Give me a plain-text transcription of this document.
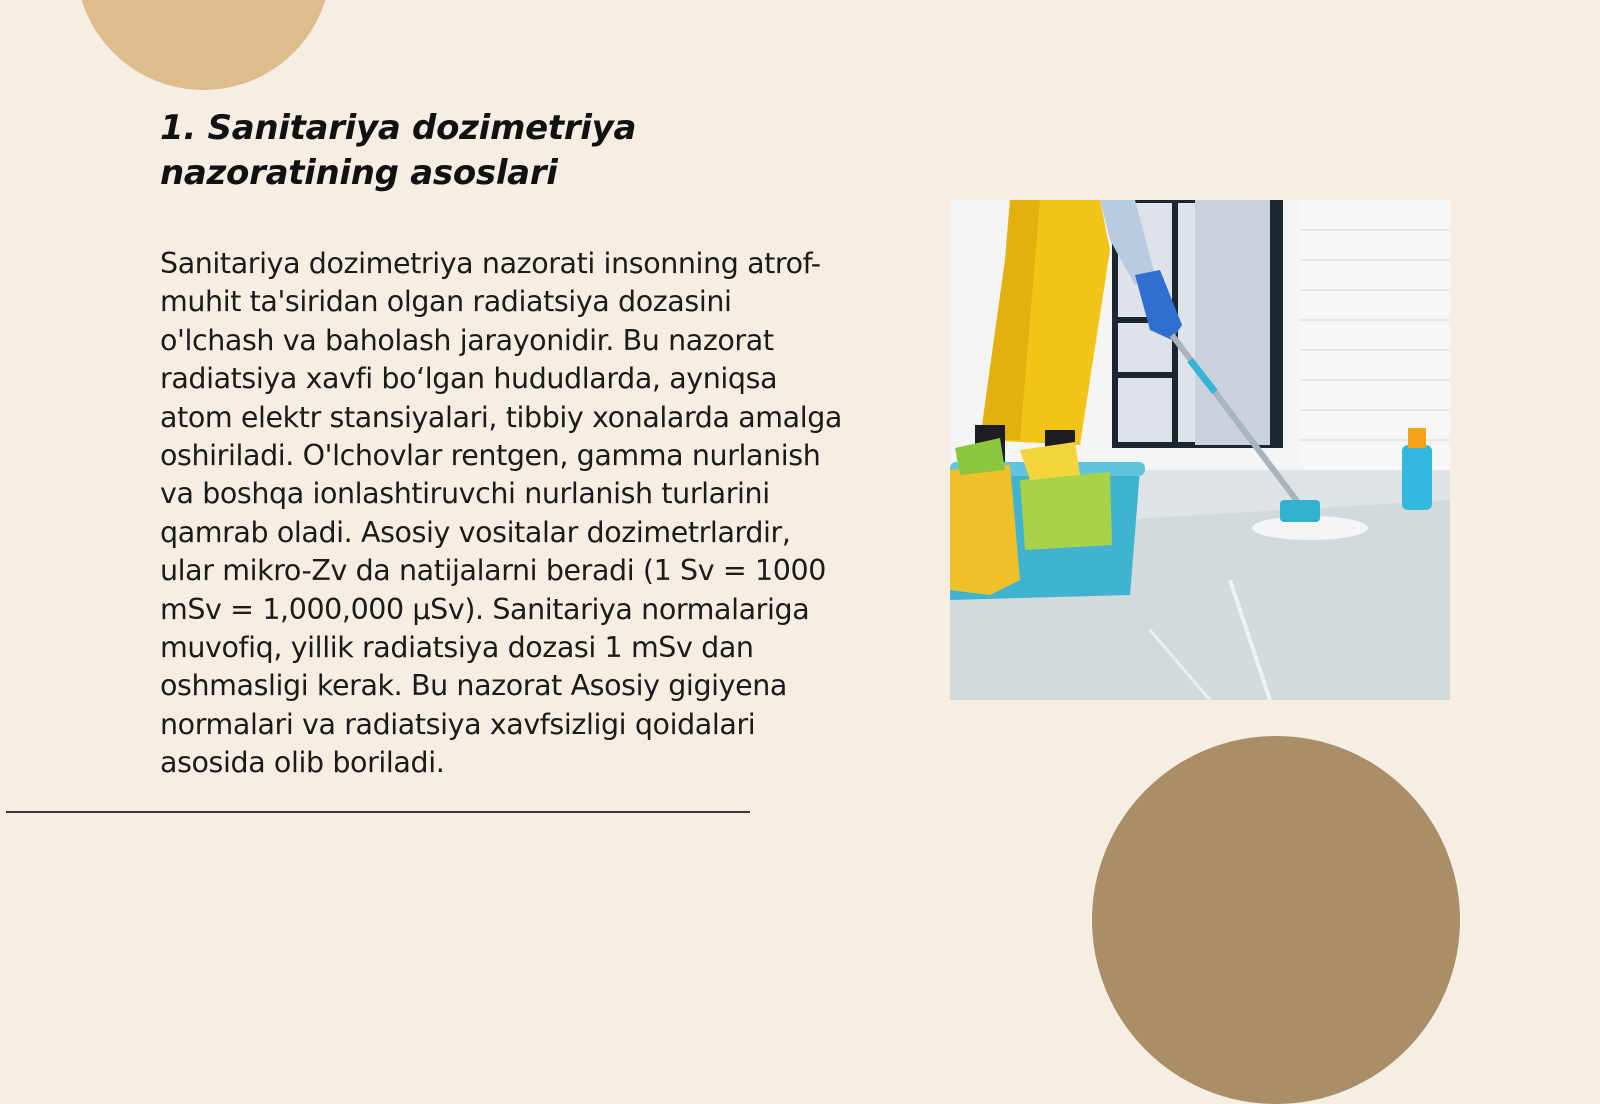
1. Sanitariya dozimetriya nazoratining asoslari

Sanitariya dozimetriya nazorati insonning atrof-muhit ta'siridan olgan radiatsiya dozasini o'lchash va baholash jarayonidir. Bu nazorat radiatsiya xavfi bo‘lgan hududlarda, ayniqsa atom elektr stansiyalari, tibbiy xonalarda amalga oshiriladi. O'lchovlar rentgen, gamma nurlanish va boshqa ionlashtiruvchi nurlanish turlarini qamrab oladi. Asosiy vositalar dozimetrlardir, ular mikro-Zv da natijalarni beradi (1 Sv = 1000 mSv = 1,000,000 μSv). Sanitariya normalariga muvofiq, yillik radiatsiya dozasi 1 mSv dan oshmasligi kerak. Bu nazorat Asosiy gigiyena normalari va radiatsiya xavfsizligi qoidalari asosida olib boriladi.
